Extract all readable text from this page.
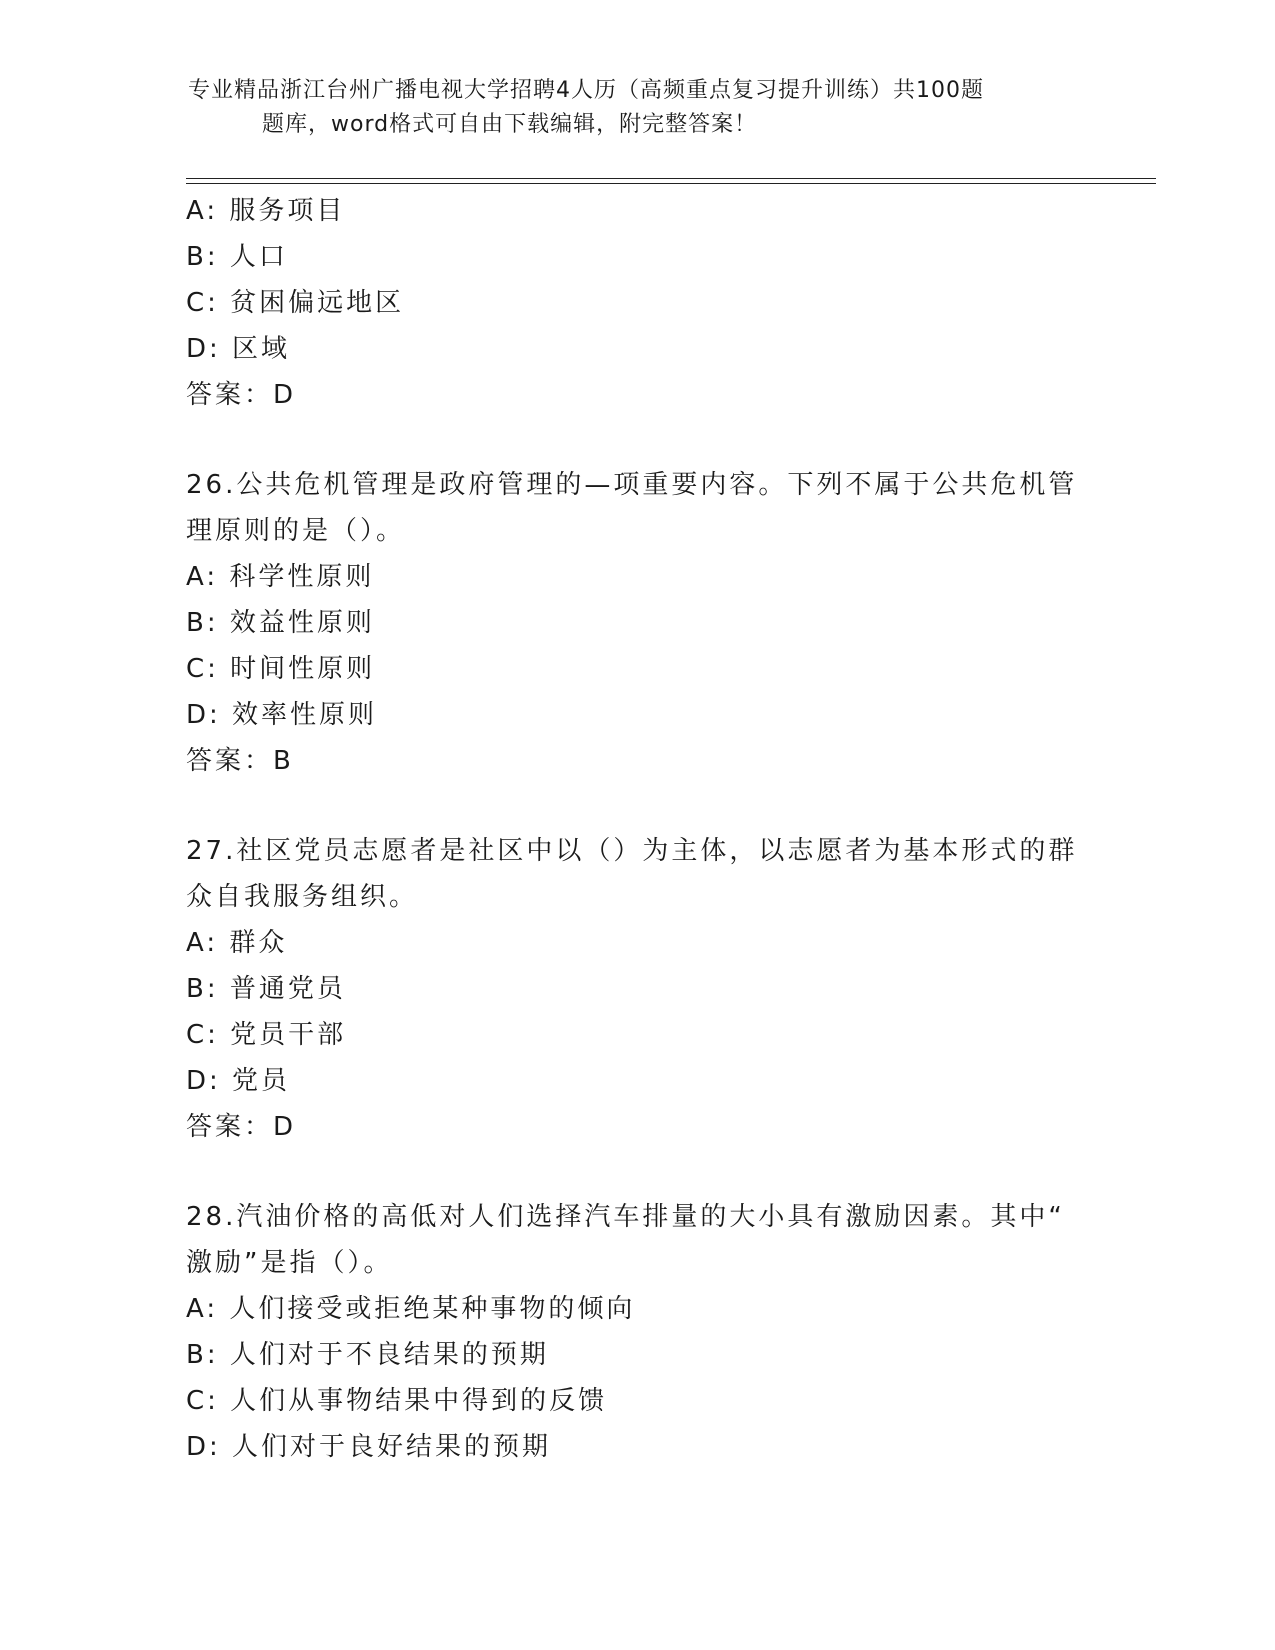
专业精品浙江台州广播电视大学招聘4人历（高频重点复习提升训练）共100题
题库，word格式可自由下载编辑，附完整答案！
A: 服务项目
B: 人口
C: 贫困偏远地区
D: 区域
答案：D
26.公共危机管理是政府管理的—项重要内容。下列不属于公共危机管
理原则的是（）。
A: 科学性原则
B: 效益性原则
C: 时间性原则
D: 效率性原则
答案：B
27.社区党员志愿者是社区中以（）为主体，以志愿者为基本形式的群
众自我服务组织。
A: 群众
B: 普通党员
C: 党员干部
D: 党员
答案：D
28.汽油价格的高低对人们选择汽车排量的大小具有激励因素。其中“
激励”是指（）。
A: 人们接受或拒绝某种事物的倾向
B: 人们对于不良结果的预期
C: 人们从事物结果中得到的反馈
D: 人们对于良好结果的预期
